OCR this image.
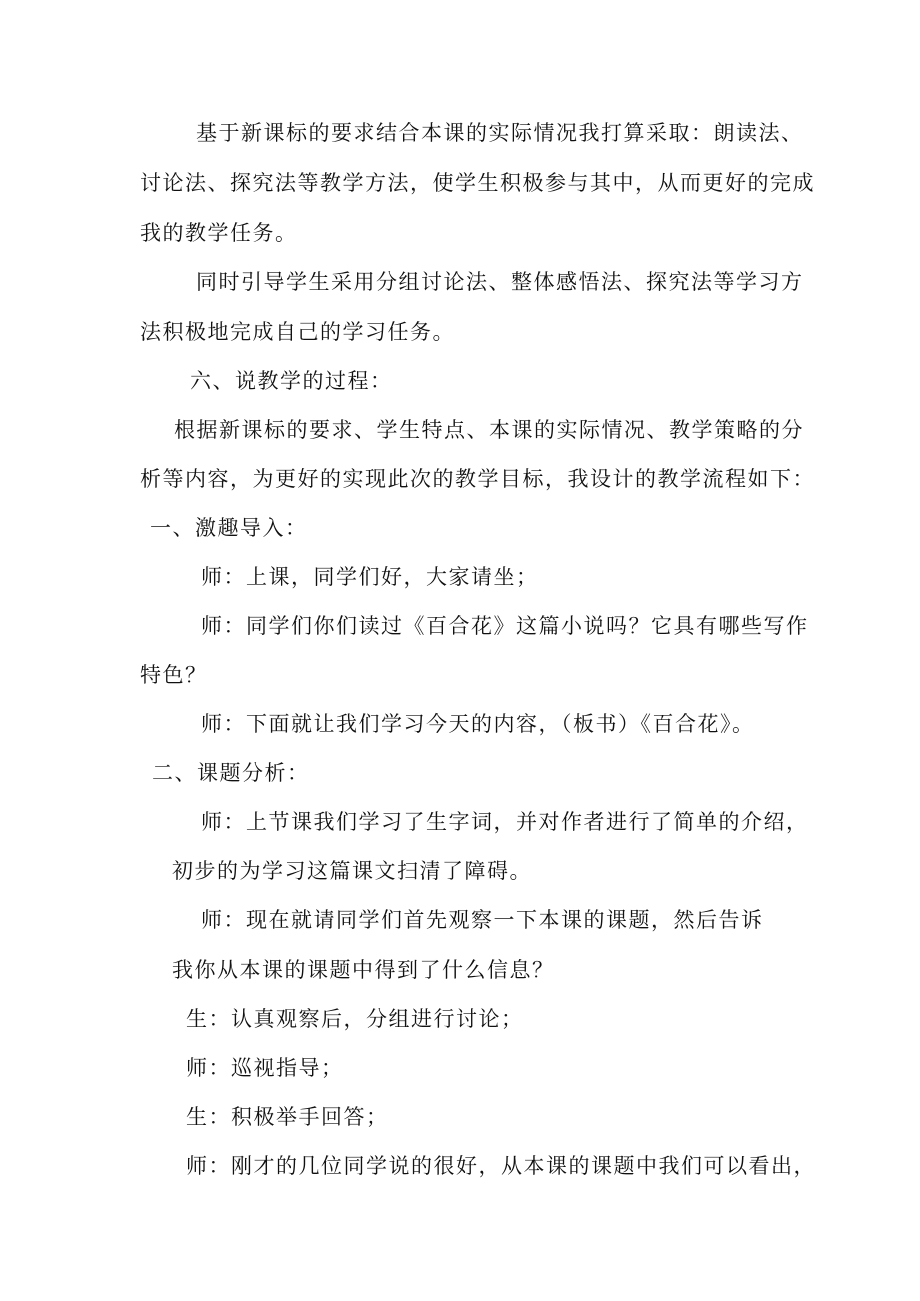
基于新课标的要求结合本课的实际情况我打算采取：朗读法、

讨论法、探究法等教学方法，使学生积极参与其中，从而更好的完成

我的教学任务。

同时引导学生采用分组讨论法、整体感悟法、探究法等学习方

法积极地完成自己的学习任务。

六、说教学的过程：

根据新课标的要求、学生特点、本课的实际情况、教学策略的分

析等内容，为更好的实现此次的教学目标，我设计的教学流程如下：

一、激趣导入：

师：上课，同学们好，大家请坐；

师：同学们你们读过《百合花》这篇小说吗？它具有哪些写作

特色？

师：下面就让我们学习今天的内容，（板书）《百合花》。

二、课题分析：

师：上节课我们学习了生字词，并对作者进行了简单的介绍，

初步的为学习这篇课文扫清了障碍。

师：现在就请同学们首先观察一下本课的课题，然后告诉

我你从本课的课题中得到了什么信息？

生：认真观察后，分组进行讨论；

师：巡视指导；

生：积极举手回答；

师：刚才的几位同学说的很好，从本课的课题中我们可以看出，
